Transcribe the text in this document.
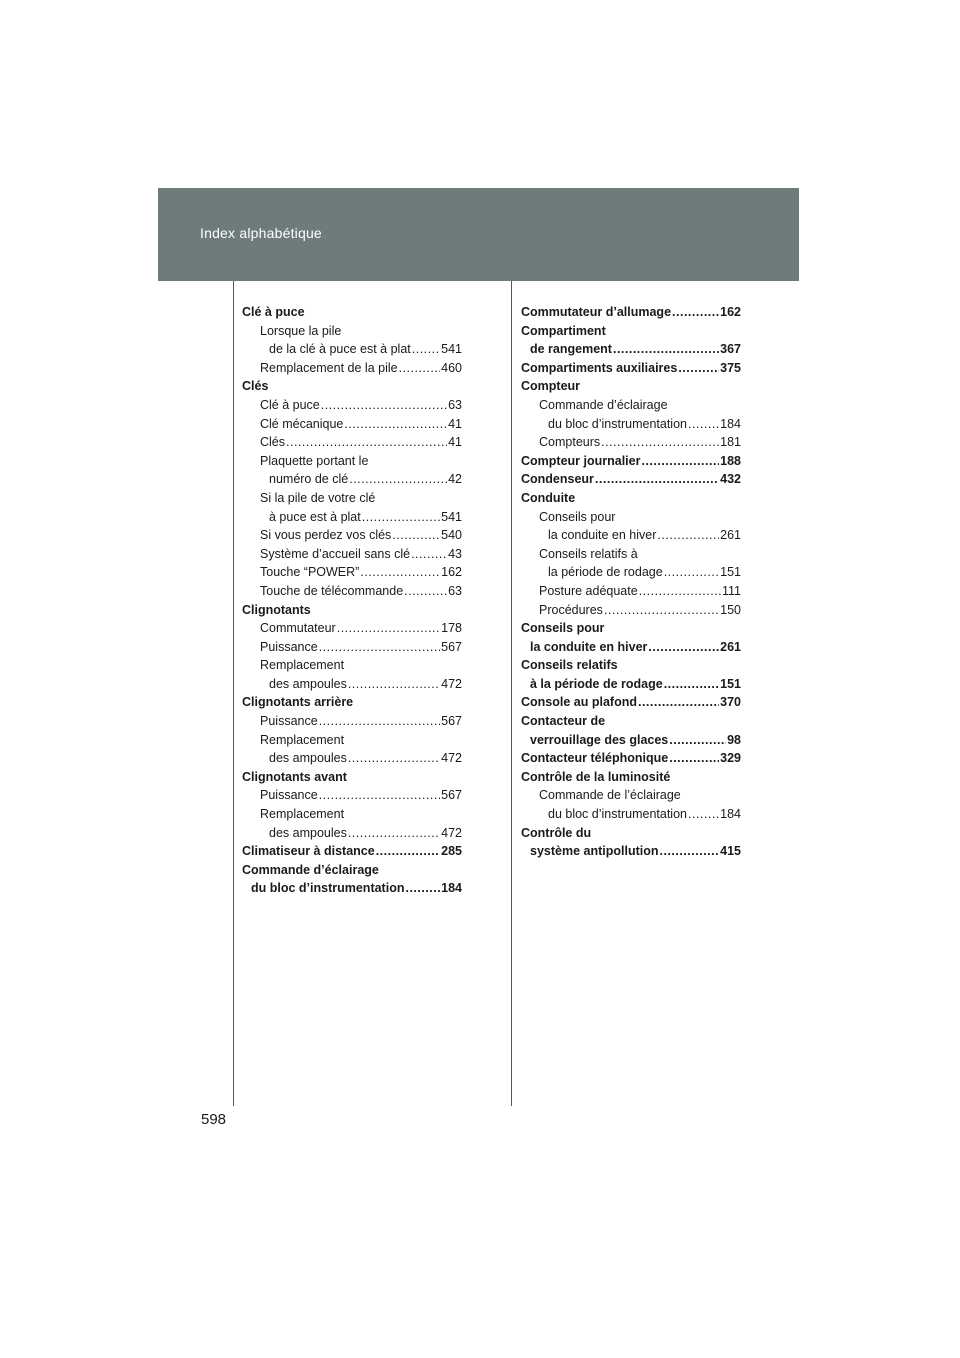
Index alphabétique
598
Clé à puce
Lorsque la pile
de la clé à puce est à plat ..... 541
Remplacement de la pile .....	460
Clés
Clé à puce .....	63
Clé mécanique .....	41
Clés .....	41
Plaquette portant le
numéro de clé .....	42
Si la pile de votre clé
à puce est à plat .....	541
Si vous perdez vos clés .....	540
Système d’accueil sans clé .....	43
Touche “POWER” .....	162
Touche de télécommande .....	63
Clignotants
Commutateur .....	178
Puissance .....	567
Remplacement
des ampoules .....	472
Clignotants arrière
Puissance .....	567
Remplacement
des ampoules .....	472
Clignotants avant
Puissance .....	567
Remplacement
des ampoules .....	472
Climatiseur à distance .....	285
Commande d’éclairage
du bloc d’instrumentation .....	184
Commutateur d’allumage .....	162
Compartiment
de rangement .....	367
Compartiments auxiliaires .....	375
Compteur
Commande d’éclairage
du bloc d’instrumentation .....	184
Compteurs .....	181
Compteur journalier .....	188
Condenseur .....	432
Conduite
Conseils pour
la conduite en hiver .....	261
Conseils relatifs à
la période de rodage .....	151
Posture adéquate .....	111
Procédures .....	150
Conseils pour
la conduite en hiver .....	261
Conseils relatifs
à la période de rodage .....	151
Console au plafond .....	370
Contacteur de
verrouillage des glaces .....	98
Contacteur téléphonique .....	329
Contrôle de la luminosité
Commande de l’éclairage
du bloc d’instrumentation .....	184
Contrôle du
système antipollution .....	415
